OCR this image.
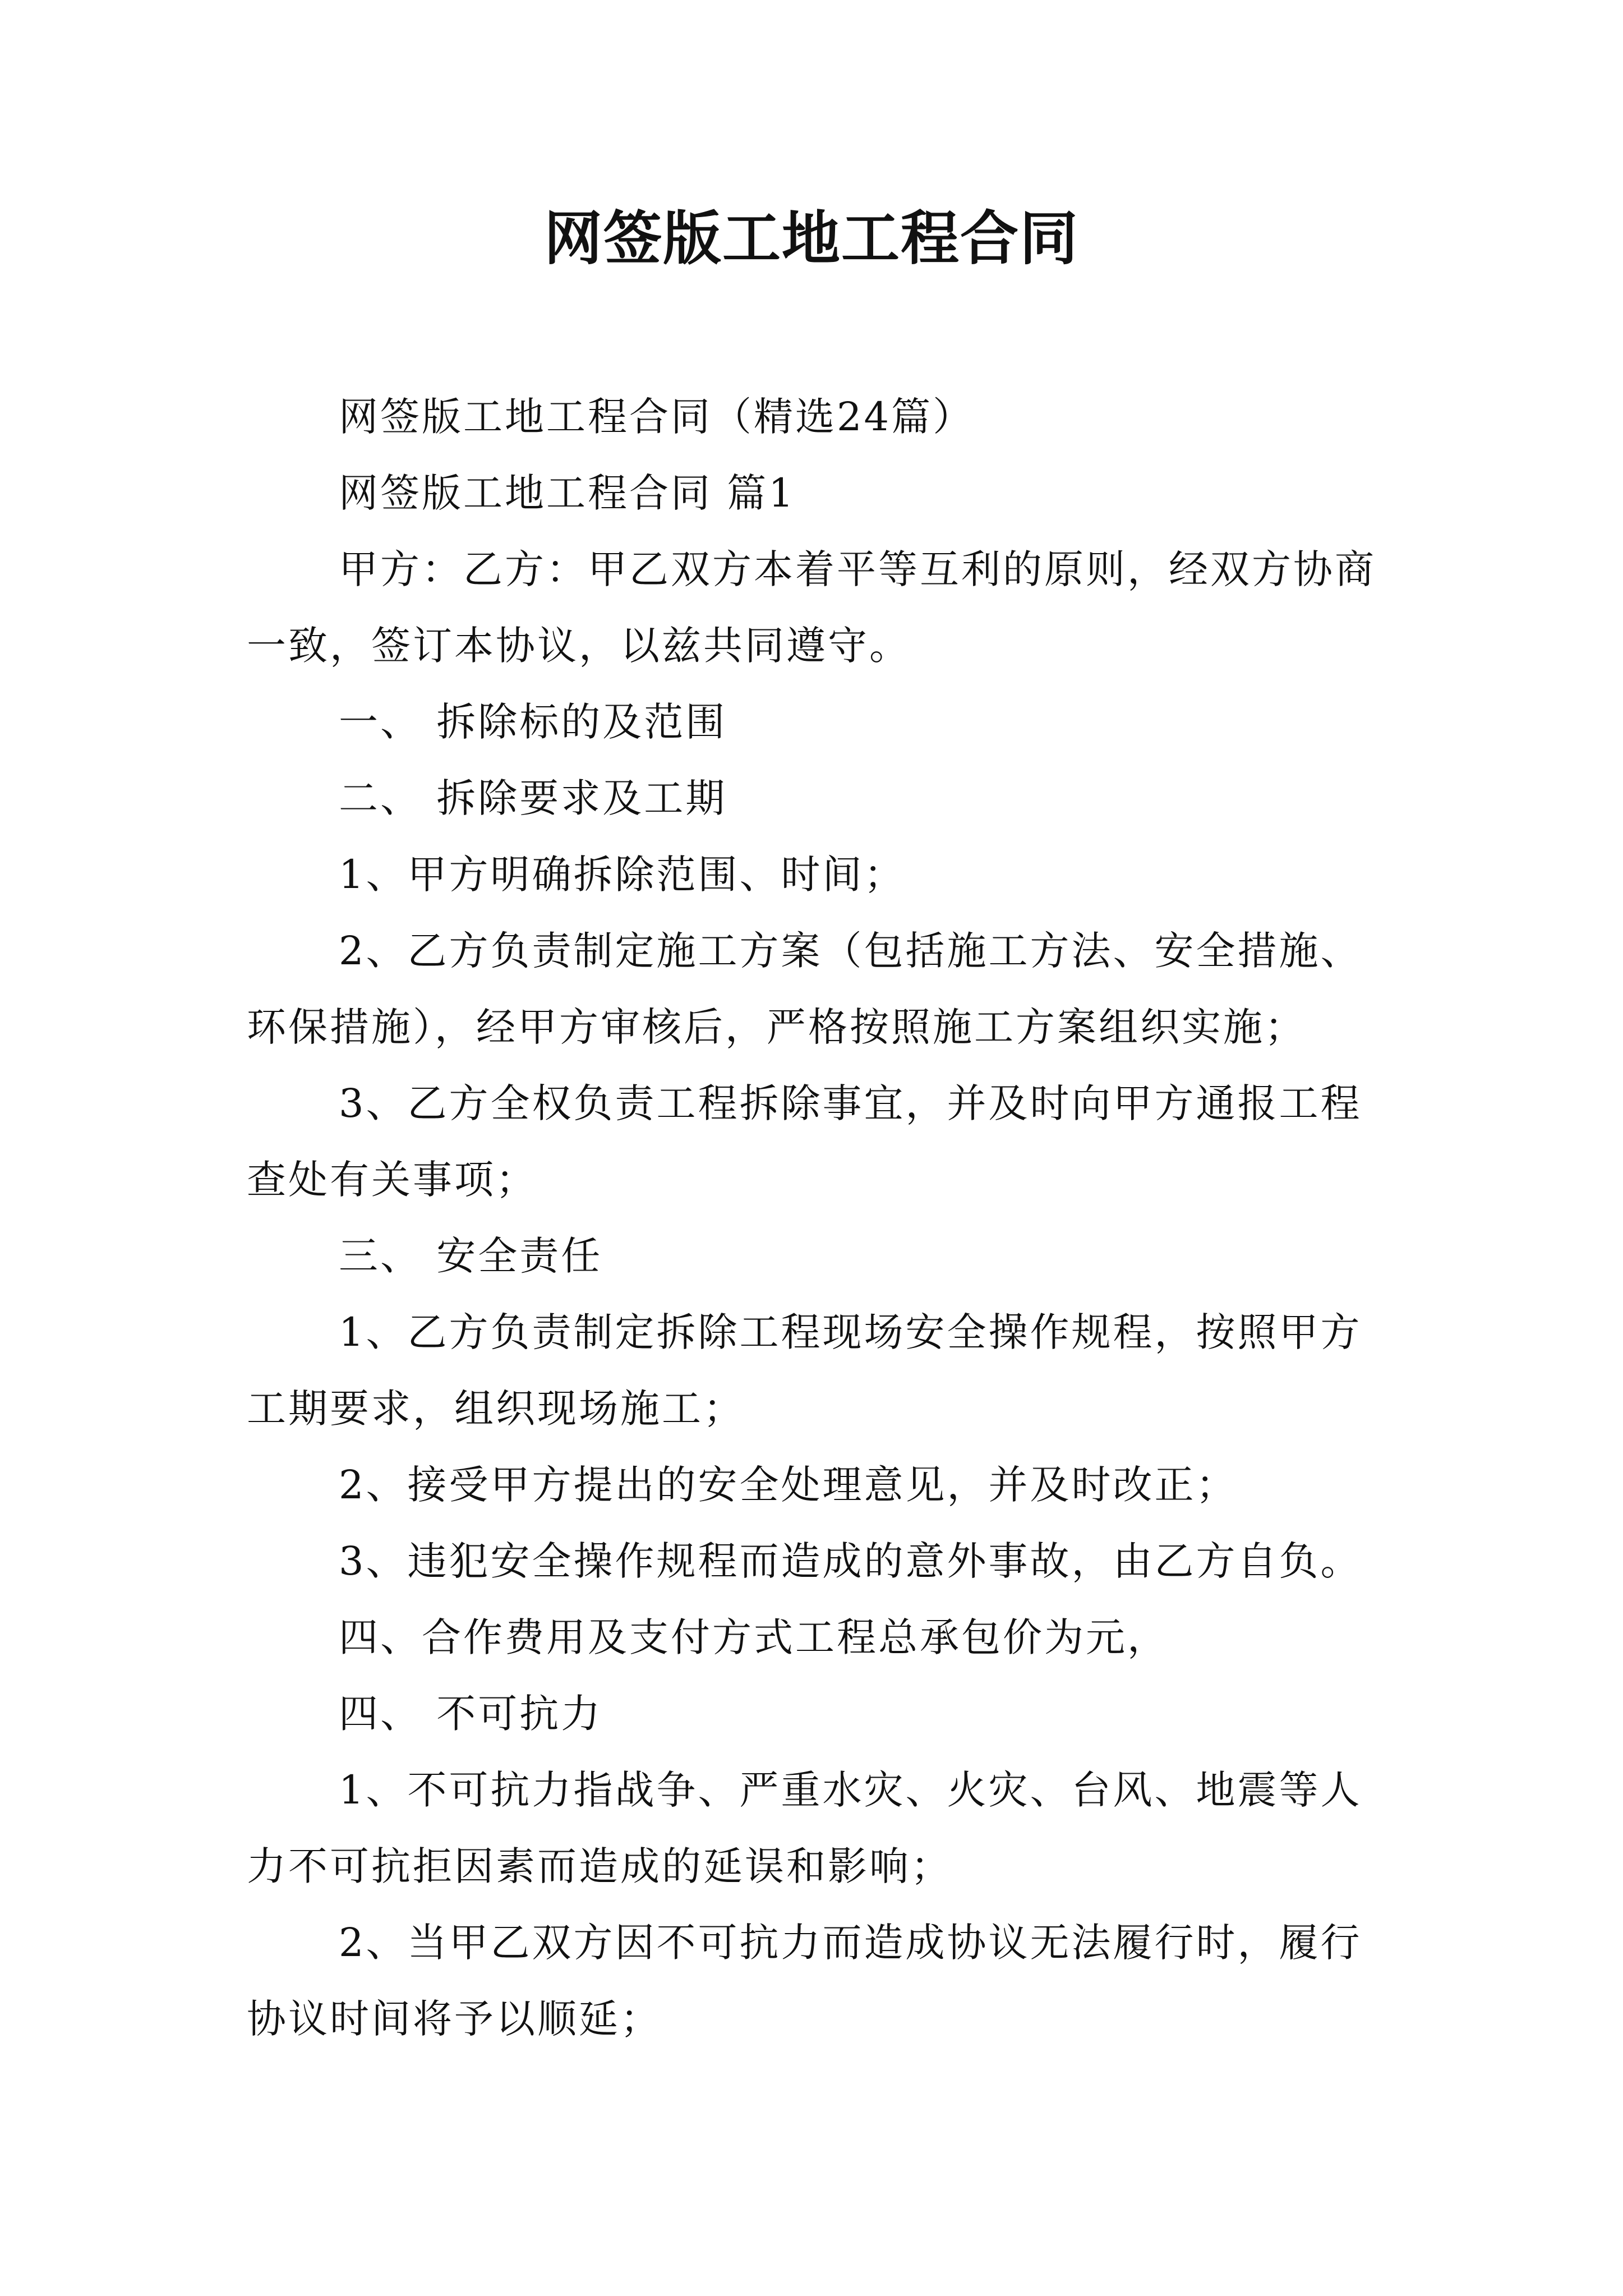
网签版工地工程合同

网签版工地工程合同（精选24篇）

网签版工地工程合同 篇1

甲方：乙方：甲乙双方本着平等互利的原则，经双方协商一致，签订本协议，以兹共同遵守。

一、 拆除标的及范围

二、 拆除要求及工期

1、甲方明确拆除范围、时间；

2、乙方负责制定施工方案（包括施工方法、安全措施、环保措施），经甲方审核后，严格按照施工方案组织实施；

3、乙方全权负责工程拆除事宜，并及时向甲方通报工程查处有关事项；

三、 安全责任

1、乙方负责制定拆除工程现场安全操作规程，按照甲方工期要求，组织现场施工；

2、接受甲方提出的安全处理意见，并及时改正；

3、违犯安全操作规程而造成的意外事故，由乙方自负。

四、合作费用及支付方式工程总承包价为元，

四、 不可抗力

1、不可抗力指战争、严重水灾、火灾、台风、地震等人力不可抗拒因素而造成的延误和影响；

2、当甲乙双方因不可抗力而造成协议无法履行时，履行协议时间将予以顺延；
